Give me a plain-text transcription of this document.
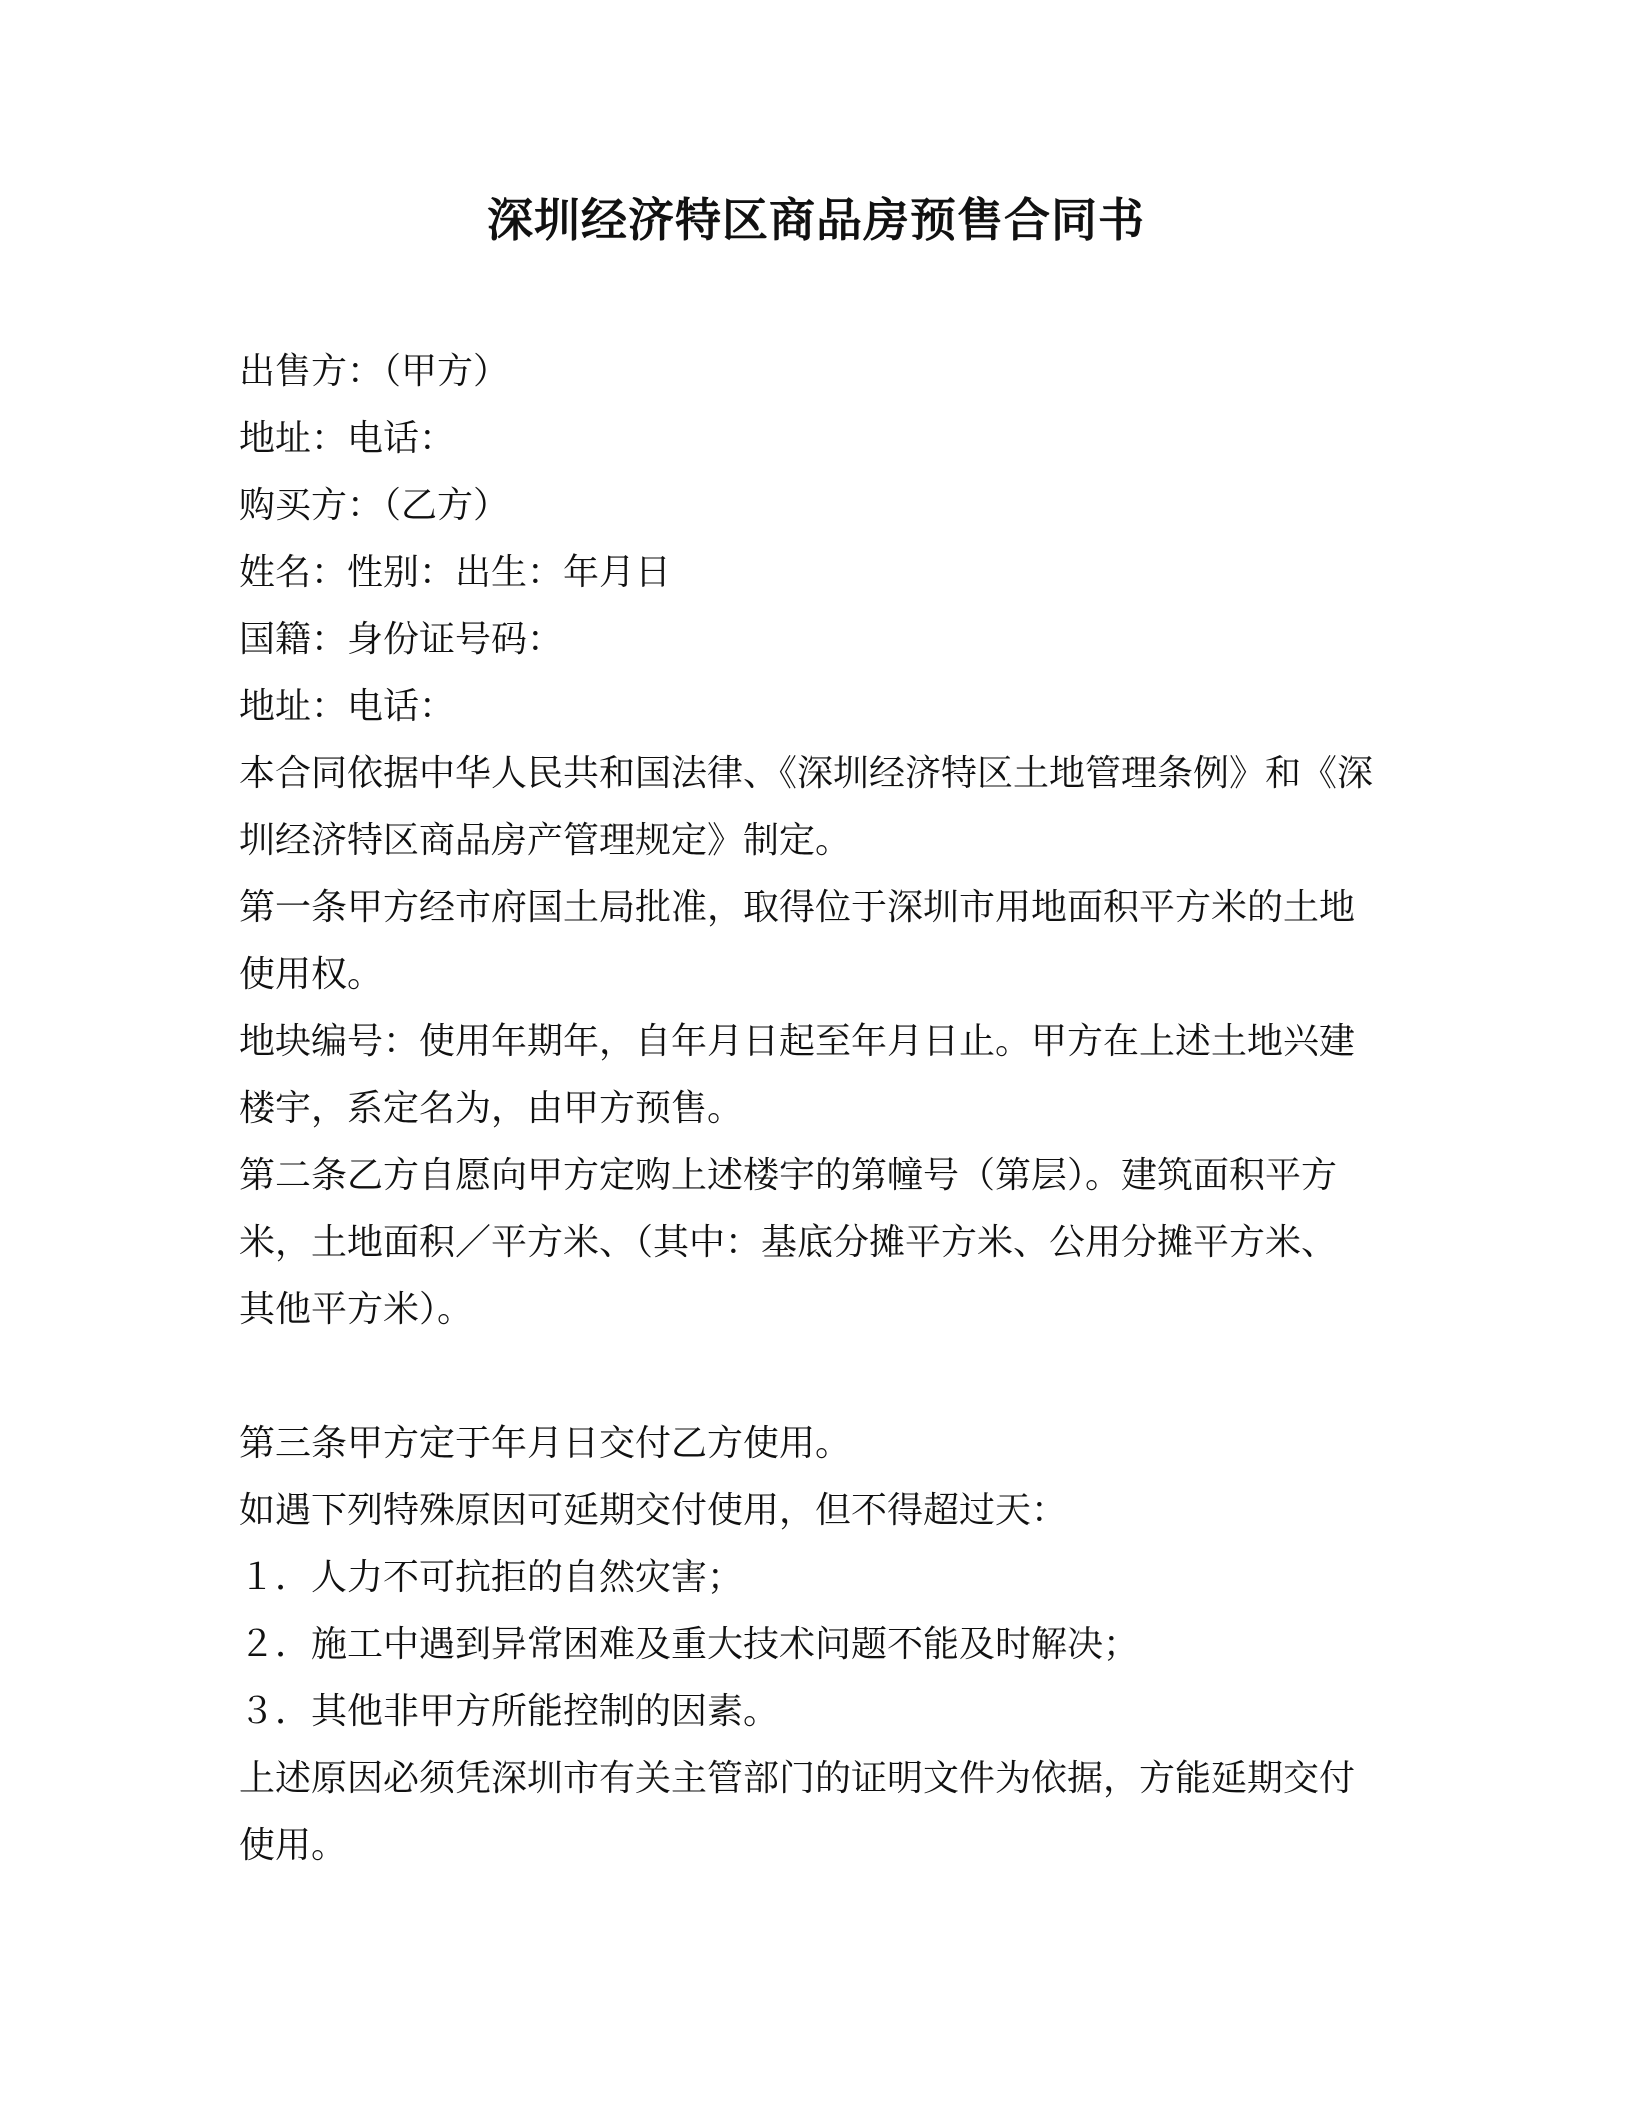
深圳经济特区商品房预售合同书

出售方：（甲方）

地址：电话：

购买方：（乙方）

姓名：性别：出生：年月日

国籍：身份证号码：

地址：电话：

本合同依据中华人民共和国法律、《深圳经济特区土地管理条例》和《深

圳经济特区商品房产管理规定》制定。

第一条甲方经市府国土局批准，取得位于深圳市用地面积平方米的土地

使用权。

地块编号：使用年期年，自年月日起至年月日止。甲方在上述土地兴建

楼宇，系定名为，由甲方预售。

第二条乙方自愿向甲方定购上述楼宇的第幢号（第层）。建筑面积平方

米，土地面积／平方米、（其中：基底分摊平方米、公用分摊平方米、

其他平方米）。

第三条甲方定于年月日交付乙方使用。

如遇下列特殊原因可延期交付使用，但不得超过天：

１．人力不可抗拒的自然灾害；

２．施工中遇到异常困难及重大技术问题不能及时解决；

３．其他非甲方所能控制的因素。

上述原因必须凭深圳市有关主管部门的证明文件为依据，方能延期交付

使用。
